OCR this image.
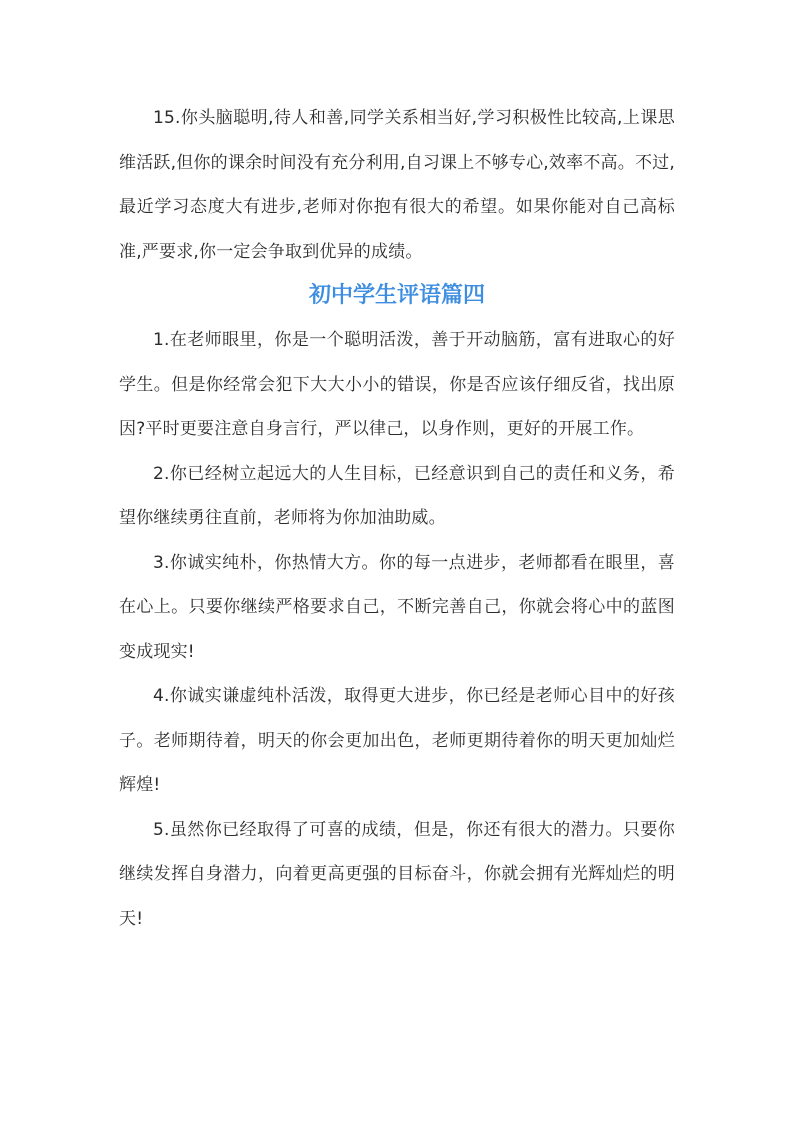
15.你头脑聪明,待人和善,同学关系相当好,学习积极性比较高,上课思维活跃,但你的课余时间没有充分利用,自习课上不够专心,效率不高。不过,最近学习态度大有进步,老师对你抱有很大的希望。如果你能对自己高标准,严要求,你一定会争取到优异的成绩。

初中学生评语篇四

1.在老师眼里，你是一个聪明活泼，善于开动脑筋，富有进取心的好学生。但是你经常会犯下大大小小的错误，你是否应该仔细反省，找出原因?平时更要注意自身言行，严以律己，以身作则，更好的开展工作。

2.你已经树立起远大的人生目标，已经意识到自己的责任和义务，希望你继续勇往直前，老师将为你加油助威。

3.你诚实纯朴，你热情大方。你的每一点进步，老师都看在眼里，喜在心上。只要你继续严格要求自己，不断完善自己，你就会将心中的蓝图变成现实!

4.你诚实谦虚纯朴活泼，取得更大进步，你已经是老师心目中的好孩子。老师期待着，明天的你会更加出色，老师更期待着你的明天更加灿烂辉煌!

5.虽然你已经取得了可喜的成绩，但是，你还有很大的潜力。只要你继续发挥自身潜力，向着更高更强的目标奋斗，你就会拥有光辉灿烂的明天!
